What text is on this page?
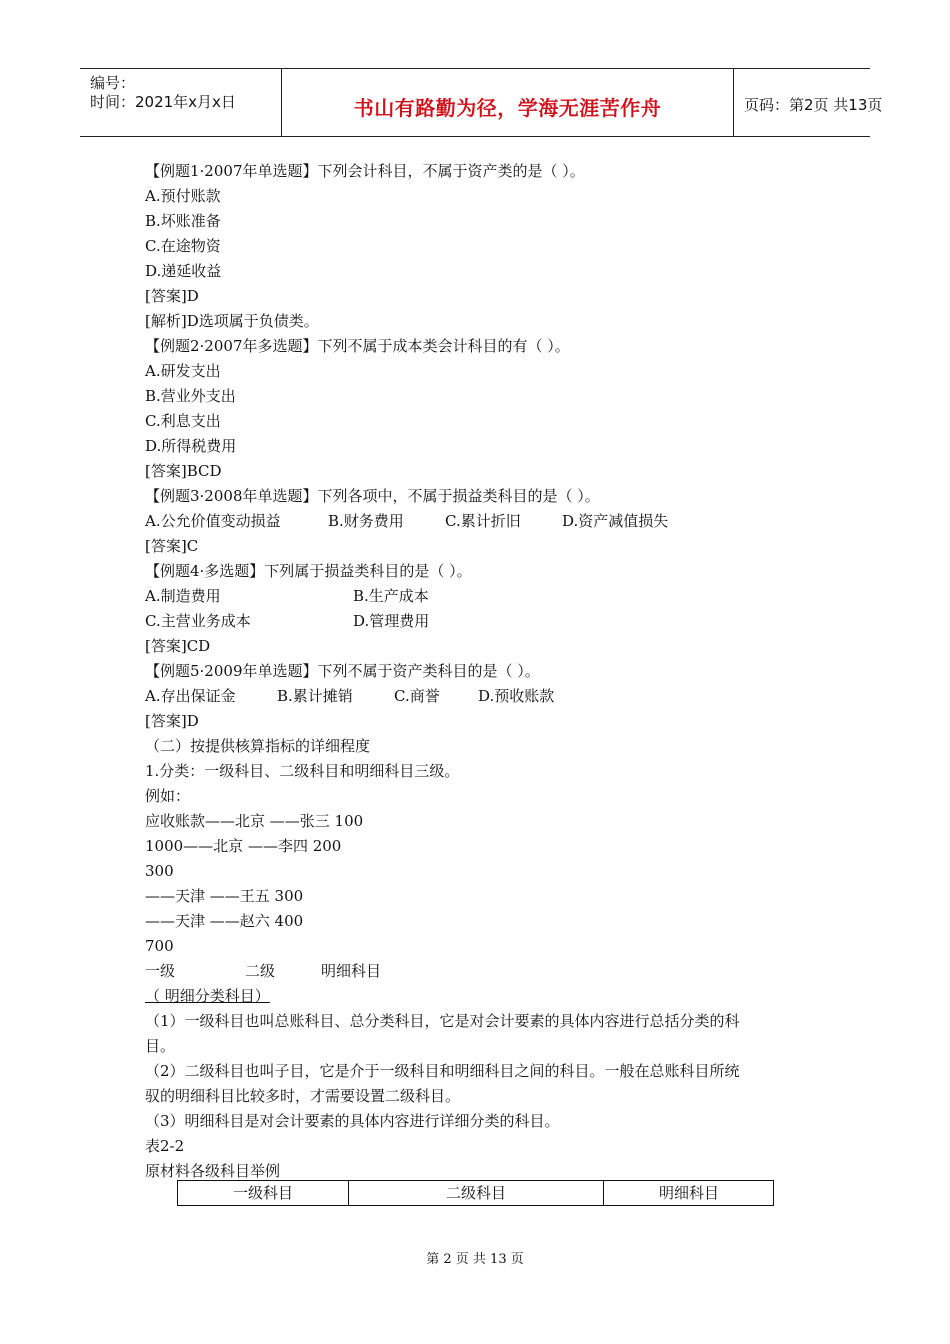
编号：
时间：2021年x月x日	书山有路勤为径，学海无涯苦作舟	页码：第2页 共13页
【例题1·2007年单选题】下列会计科目，不属于资产类的是（ ）。
A.预付账款
B.坏账准备
C.在途物资
D.递延收益
[答案]D
[解析]D选项属于负债类。
【例题2·2007年多选题】下列不属于成本类会计科目的有（ ）。
A.研发支出
B.营业外支出
C.利息支出
D.所得税费用
[答案]BCD
【例题3·2008年单选题】下列各项中，不属于损益类科目的是（ ）。
A.公允价值变动损益	B.财务费用	C.累计折旧	D.资产减值损失
[答案]C
【例题4·多选题】下列属于损益类科目的是（ ）。
A.制造费用	B.生产成本
C.主营业务成本	D.管理费用
[答案]CD
【例题5·2009年单选题】下列不属于资产类科目的是（ ）。
A.存出保证金	B.累计摊销	C.商誉	D.预收账款
[答案]D
（二）按提供核算指标的详细程度
1.分类：一级科目、二级科目和明细科目三级。
例如：
应收账款——北京 ——张三 100
1000——北京 ——李四 200
300
——天津 ——王五 300
——天津 ——赵六 400
700
一级	二级	明细科目

（ 明细分类科目）
（1）一级科目也叫总账科目、总分类科目，它是对会计要素的具体内容进行总括分类的科
目。
（2）二级科目也叫子目，它是介于一级科目和明细科目之间的科目。一般在总账科目所统
驭的明细科目比较多时，才需要设置二级科目。
（3）明细科目是对会计要素的具体内容进行详细分类的科目。
表2-2
原材料各级科目举例
一级科目	二级科目	明细科目
第 2 页 共 13 页
